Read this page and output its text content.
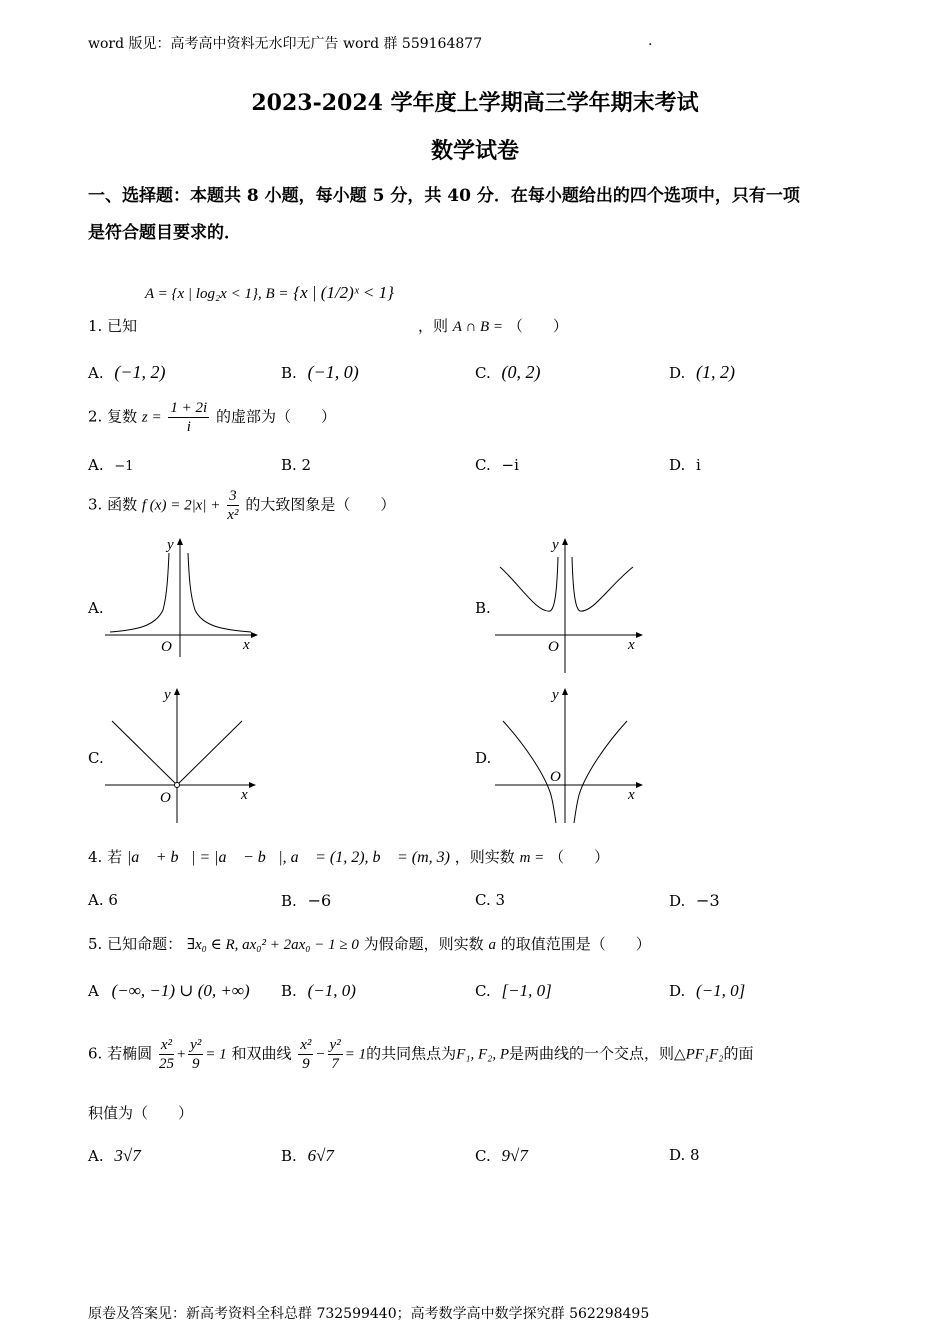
word 版见：高考高中资料无水印无广告 word 群 559164877	.
2023-2024 学年度上学期高三学年期末考试
数学试卷
一、选择题：本题共 8 小题，每小题 5 分，共 40 分．在每小题给出的四个选项中，只有一项
是符合题目要求的．
A = {x | log₂x < 1}, B = {x | (1/2)ˣ < 1}
1. 已知	，则 A ∩ B = （　　）
A. (−1, 2)	B. (−1, 0)	C. (0, 2)	D. (1, 2)
2. 复数 $z = \frac{1 + 2i}{i}$ 的虚部为（　　）
A. −1	B. 2	C. −i	D. i
3. 函数 f $(x) = 2|x| + \frac{3}{\text{x²}}$ 的大致图象是（　　）
A.	B.
C.	D.
y
O	x
y
O	x
y
O	x
y
O
x
4. 若 |a⃗ + b⃗| = |a⃗ − b⃗|, a⃗ = (1, 2), b⃗ = (m, 3) ，则实数 m = （　　）
A. 6	B. −6	C. 3	D. −3
5. 已知命题： ∃x₀ ∈ R, ax₀² + 2ax₀ − 1 ≥ 0 为假命题，则实数 a 的取值范围是（　　）
A (−∞, −1) ∪ (0, +∞) B. (−1, 0)	C. [−1, 0]	D. (−1, 0]
6. 若椭圆 $\frac{\text{x²}}{25} + \frac{\text{y²}}{9} = 1$ 和双曲线 $\frac{\text{x²}}{9} - \frac{\text{y²}}{7} = 1$的共同焦点为F₁, F₂, P是两曲线的一个交点，则△PF₁F₂的面
积值为（　　）
A. 3√7	B. 6√7	C. 9√7	D. 8
原卷及答案见：新高考资料全科总群 732599440；高考数学高中数学探究群 562298495
